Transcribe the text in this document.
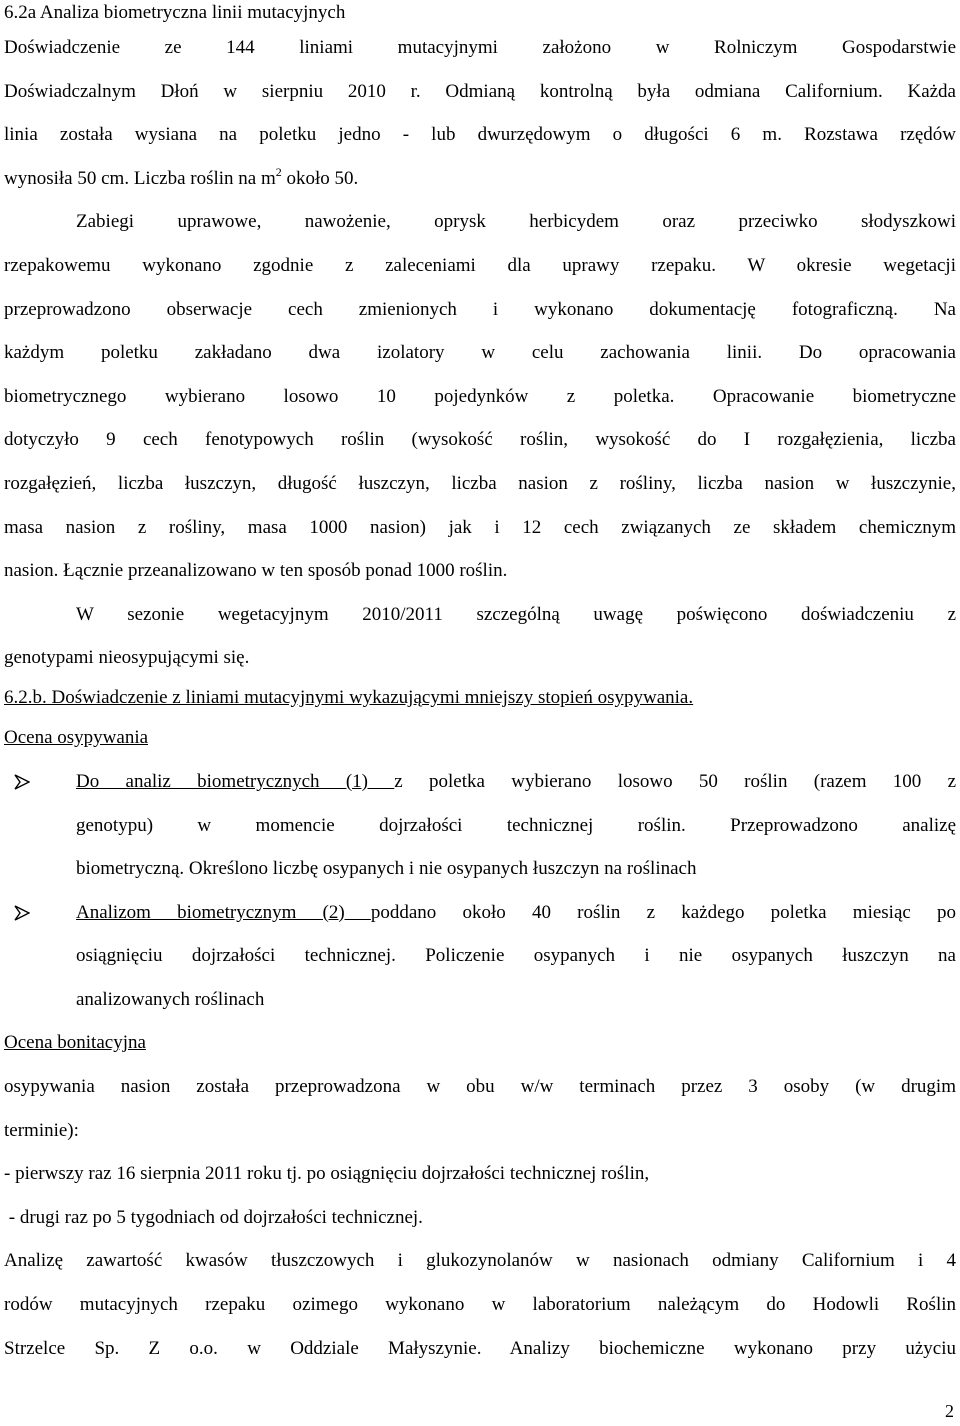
6.2a Analiza biometryczna linii mutacyjnych
Doświadczenie ze 144 liniami mutacyjnymi założono w Rolniczym Gospodarstwie
Doświadczalnym Dłoń w sierpniu 2010 r. Odmianą kontrolną była odmiana Californium. Każda
linia została wysiana na poletku jedno - lub dwurzędowym o długości 6 m. Rozstawa rzędów
wynosiła 50 cm. Liczba roślin na $m^2$ około 50.
Zabiegi uprawowe, nawożenie, oprysk herbicydem oraz przeciwko słodyszkowi
rzepakowemu wykonano zgodnie z zaleceniami dla uprawy rzepaku. W okresie wegetacji
przeprowadzono obserwacje cech zmienionych i wykonano dokumentację fotograficzną. Na
każdym poletku zakładano dwa izolatory w celu zachowania linii. Do opracowania
biometrycznego wybierano losowo 10 pojedynków z poletka. Opracowanie biometryczne
dotyczyło 9 cech fenotypowych roślin (wysokość roślin, wysokość do I rozgałęzienia, liczba
rozgałęzień, liczba łuszczyn, długość łuszczyn, liczba nasion z rośliny, liczba nasion w łuszczynie,
masa nasion z rośliny, masa 1000 nasion) jak i 12 cech związanych ze składem chemicznym
nasion. Łącznie przeanalizowano w ten sposób ponad 1000 roślin.
W sezonie wegetacyjnym 2010/2011 szczególną uwagę poświęcono doświadczeniu z
genotypami nieosypującymi się.
6.2.b. Doświadczenie z liniami mutacyjnymi wykazującymi mniejszy stopień osypywania.
Ocena osypywania
Do analiz biometrycznych (1) z poletka wybierano losowo 50 roślin (razem 100 z
genotypu) w momencie dojrzałości technicznej roślin. Przeprowadzono analizę
biometryczną. Określono liczbę osypanych i nie osypanych łuszczyn na roślinach
Analizom biometrycznym (2) poddano około 40 roślin z każdego poletka miesiąc po
osiągnięciu dojrzałości technicznej. Policzenie osypanych i nie osypanych łuszczyn na
analizowanych roślinach
Ocena bonitacyjna
osypywania nasion została przeprowadzona w obu w/w terminach przez 3 osoby (w drugim
terminie):
- pierwszy raz 16 sierpnia 2011 roku tj. po osiągnięciu dojrzałości technicznej roślin,
- drugi raz po 5 tygodniach od dojrzałości technicznej.
Analizę zawartość kwasów tłuszczowych i glukozynolanów w nasionach odmiany Californium i 4
rodów mutacyjnych rzepaku ozimego wykonano w laboratorium należącym do Hodowli Roślin
Strzelce Sp. Z o.o. w Oddziale Małyszynie. Analizy biochemiczne wykonano przy użyciu
2
